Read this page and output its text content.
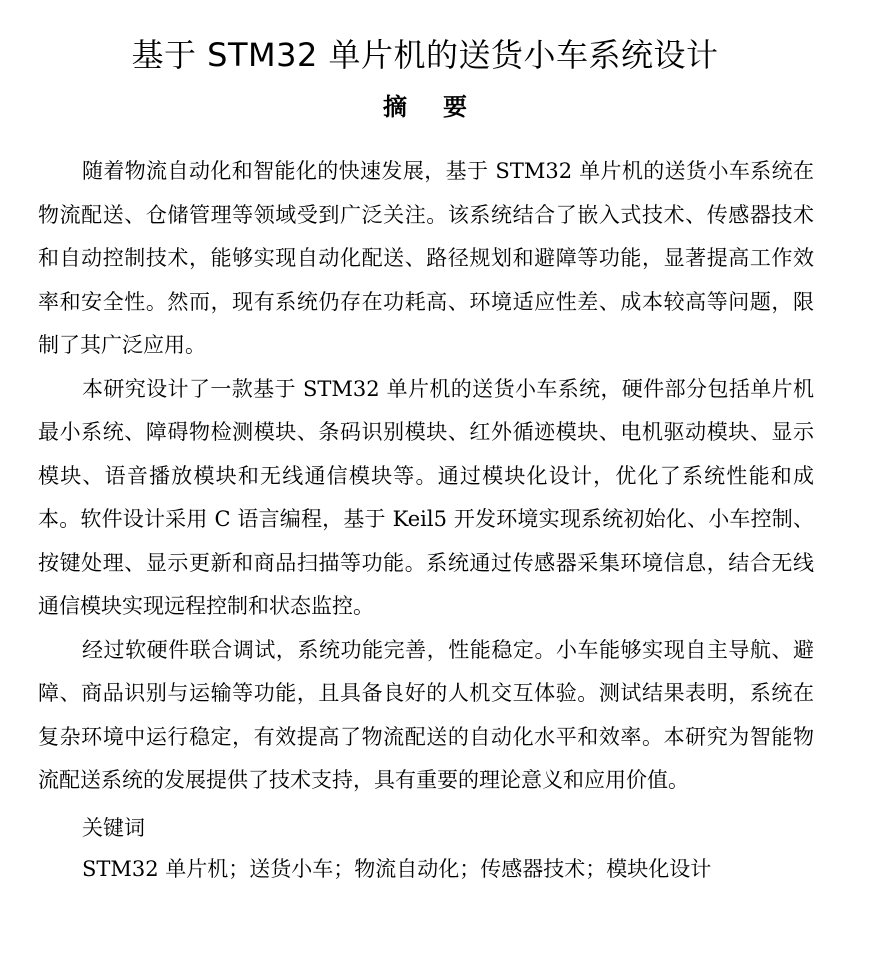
基于 STM32 单片机的送货小车系统设计
摘要

随着物流自动化和智能化的快速发展，基于 STM32 单片机的送货小车系统在物流配送、仓储管理等领域受到广泛关注。该系统结合了嵌入式技术、传感器技术和自动控制技术，能够实现自动化配送、路径规划和避障等功能，显著提高工作效率和安全性。然而，现有系统仍存在功耗高、环境适应性差、成本较高等问题，限制了其广泛应用。

本研究设计了一款基于 STM32 单片机的送货小车系统，硬件部分包括单片机最小系统、障碍物检测模块、条码识别模块、红外循迹模块、电机驱动模块、显示模块、语音播放模块和无线通信模块等。通过模块化设计，优化了系统性能和成本。软件设计采用 C 语言编程，基于 Keil5 开发环境实现系统初始化、小车控制、按键处理、显示更新和商品扫描等功能。系统通过传感器采集环境信息，结合无线通信模块实现远程控制和状态监控。

经过软硬件联合调试，系统功能完善，性能稳定。小车能够实现自主导航、避障、商品识别与运输等功能，且具备良好的人机交互体验。测试结果表明，系统在复杂环境中运行稳定，有效提高了物流配送的自动化水平和效率。本研究为智能物流配送系统的发展提供了技术支持，具有重要的理论意义和应用价值。

关键词
STM32 单片机；送货小车；物流自动化；传感器技术；模块化设计
